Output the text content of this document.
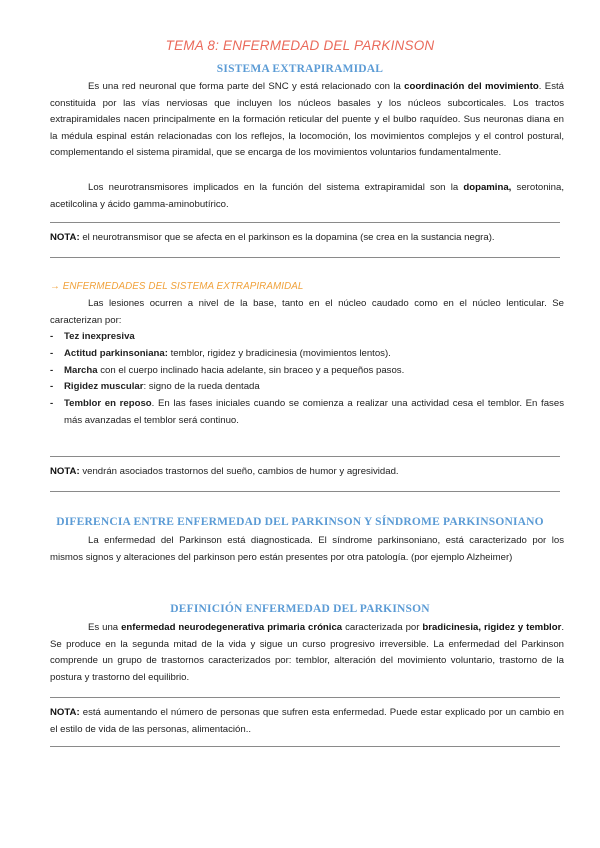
TEMA 8: ENFERMEDAD DEL PARKINSON
SISTEMA EXTRAPIRAMIDAL
Es una red neuronal que forma parte del SNC y está relacionado con la coordinación del movimiento. Está constituida por las vías nerviosas que incluyen los núcleos basales y los núcleos subcorticales. Los tractos extrapiramidales nacen principalmente en la formación reticular del puente y el bulbo raquídeo. Sus neuronas diana en la médula espinal están relacionadas con los reflejos, la locomoción, los movimientos complejos y el control postural, complementando el sistema piramidal, que se encarga de los movimientos voluntarios fundamentalmente.
Los neurotransmisores implicados en la función del sistema extrapiramidal son la dopamina, serotonina, acetilcolina y ácido gamma-aminobutírico.
NOTA: el neurotransmisor que se afecta en el parkinson es la dopamina (se crea en la sustancia negra).
→ ENFERMEDADES DEL SISTEMA EXTRAPIRAMIDAL
Las lesiones ocurren a nivel de la base, tanto en el núcleo caudado como en el núcleo lenticular. Se caracterizan por:
- Tez inexpresiva
- Actitud parkinsoniana: temblor, rigidez y bradicinesia (movimientos lentos).
- Marcha con el cuerpo inclinado hacia adelante, sin braceo y a pequeños pasos.
- Rigidez muscular: signo de la rueda dentada
- Temblor en reposo. En las fases iniciales cuando se comienza a realizar una actividad cesa el temblor. En fases más avanzadas el temblor será continuo.
NOTA: vendrán asociados trastornos del sueño, cambios de humor y agresividad.
DIFERENCIA ENTRE ENFERMEDAD DEL PARKINSON Y SÍNDROME PARKINSONIANO
La enfermedad del Parkinson está diagnosticada. El síndrome parkinsoniano, está caracterizado por los mismos signos y alteraciones del parkinson pero están presentes por otra patología. (por ejemplo Alzheimer)
DEFINICIÓN ENFERMEDAD DEL PARKINSON
Es una enfermedad neurodegenerativa primaria crónica caracterizada por bradicinesia, rigidez y temblor. Se produce en la segunda mitad de la vida y sigue un curso progresivo irreversible. La enfermedad del Parkinson comprende un grupo de trastornos caracterizados por: temblor, alteración del movimiento voluntario, trastorno de la postura y trastorno del equilibrio.
NOTA: está aumentando el número de personas que sufren esta enfermedad. Puede estar explicado por un cambio en el estilo de vida de las personas, alimentación..
